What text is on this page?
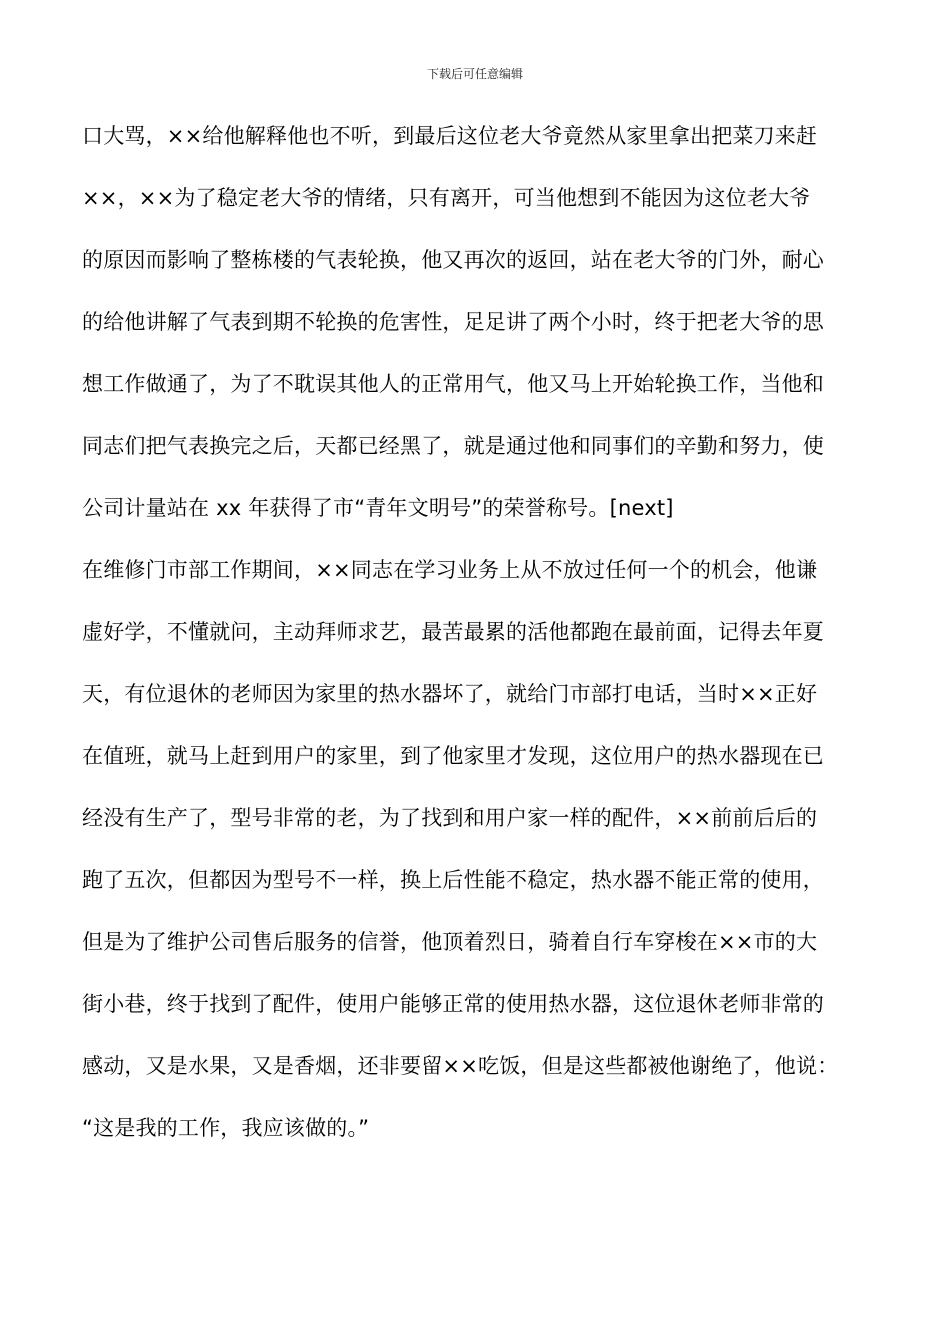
下载后可任意编辑
口大骂，××给他解释他也不听，到最后这位老大爷竟然从家里拿出把菜刀来赶
××，××为了稳定老大爷的情绪，只有离开，可当他想到不能因为这位老大爷
的原因而影响了整栋楼的气表轮换，他又再次的返回，站在老大爷的门外，耐心
的给他讲解了气表到期不轮换的危害性，足足讲了两个小时，终于把老大爷的思
想工作做通了，为了不耽误其他人的正常用气，他又马上开始轮换工作，当他和
同志们把气表换完之后，天都已经黑了，就是通过他和同事们的辛勤和努力，使
公司计量站在 xx 年获得了市“青年文明号”的荣誉称号。[next]
在维修门市部工作期间，××同志在学习业务上从不放过任何一个的机会，他谦
虚好学，不懂就问，主动拜师求艺，最苦最累的活他都跑在最前面，记得去年夏
天，有位退休的老师因为家里的热水器坏了，就给门市部打电话，当时××正好
在值班，就马上赶到用户的家里，到了他家里才发现，这位用户的热水器现在已
经没有生产了，型号非常的老，为了找到和用户家一样的配件，××前前后后的
跑了五次，但都因为型号不一样，换上后性能不稳定，热水器不能正常的使用，
但是为了维护公司售后服务的信誉，他顶着烈日，骑着自行车穿梭在××市的大
街小巷，终于找到了配件，使用户能够正常的使用热水器，这位退休老师非常的
感动，又是水果，又是香烟，还非要留××吃饭，但是这些都被他谢绝了，他说：
“这是我的工作，我应该做的。”
